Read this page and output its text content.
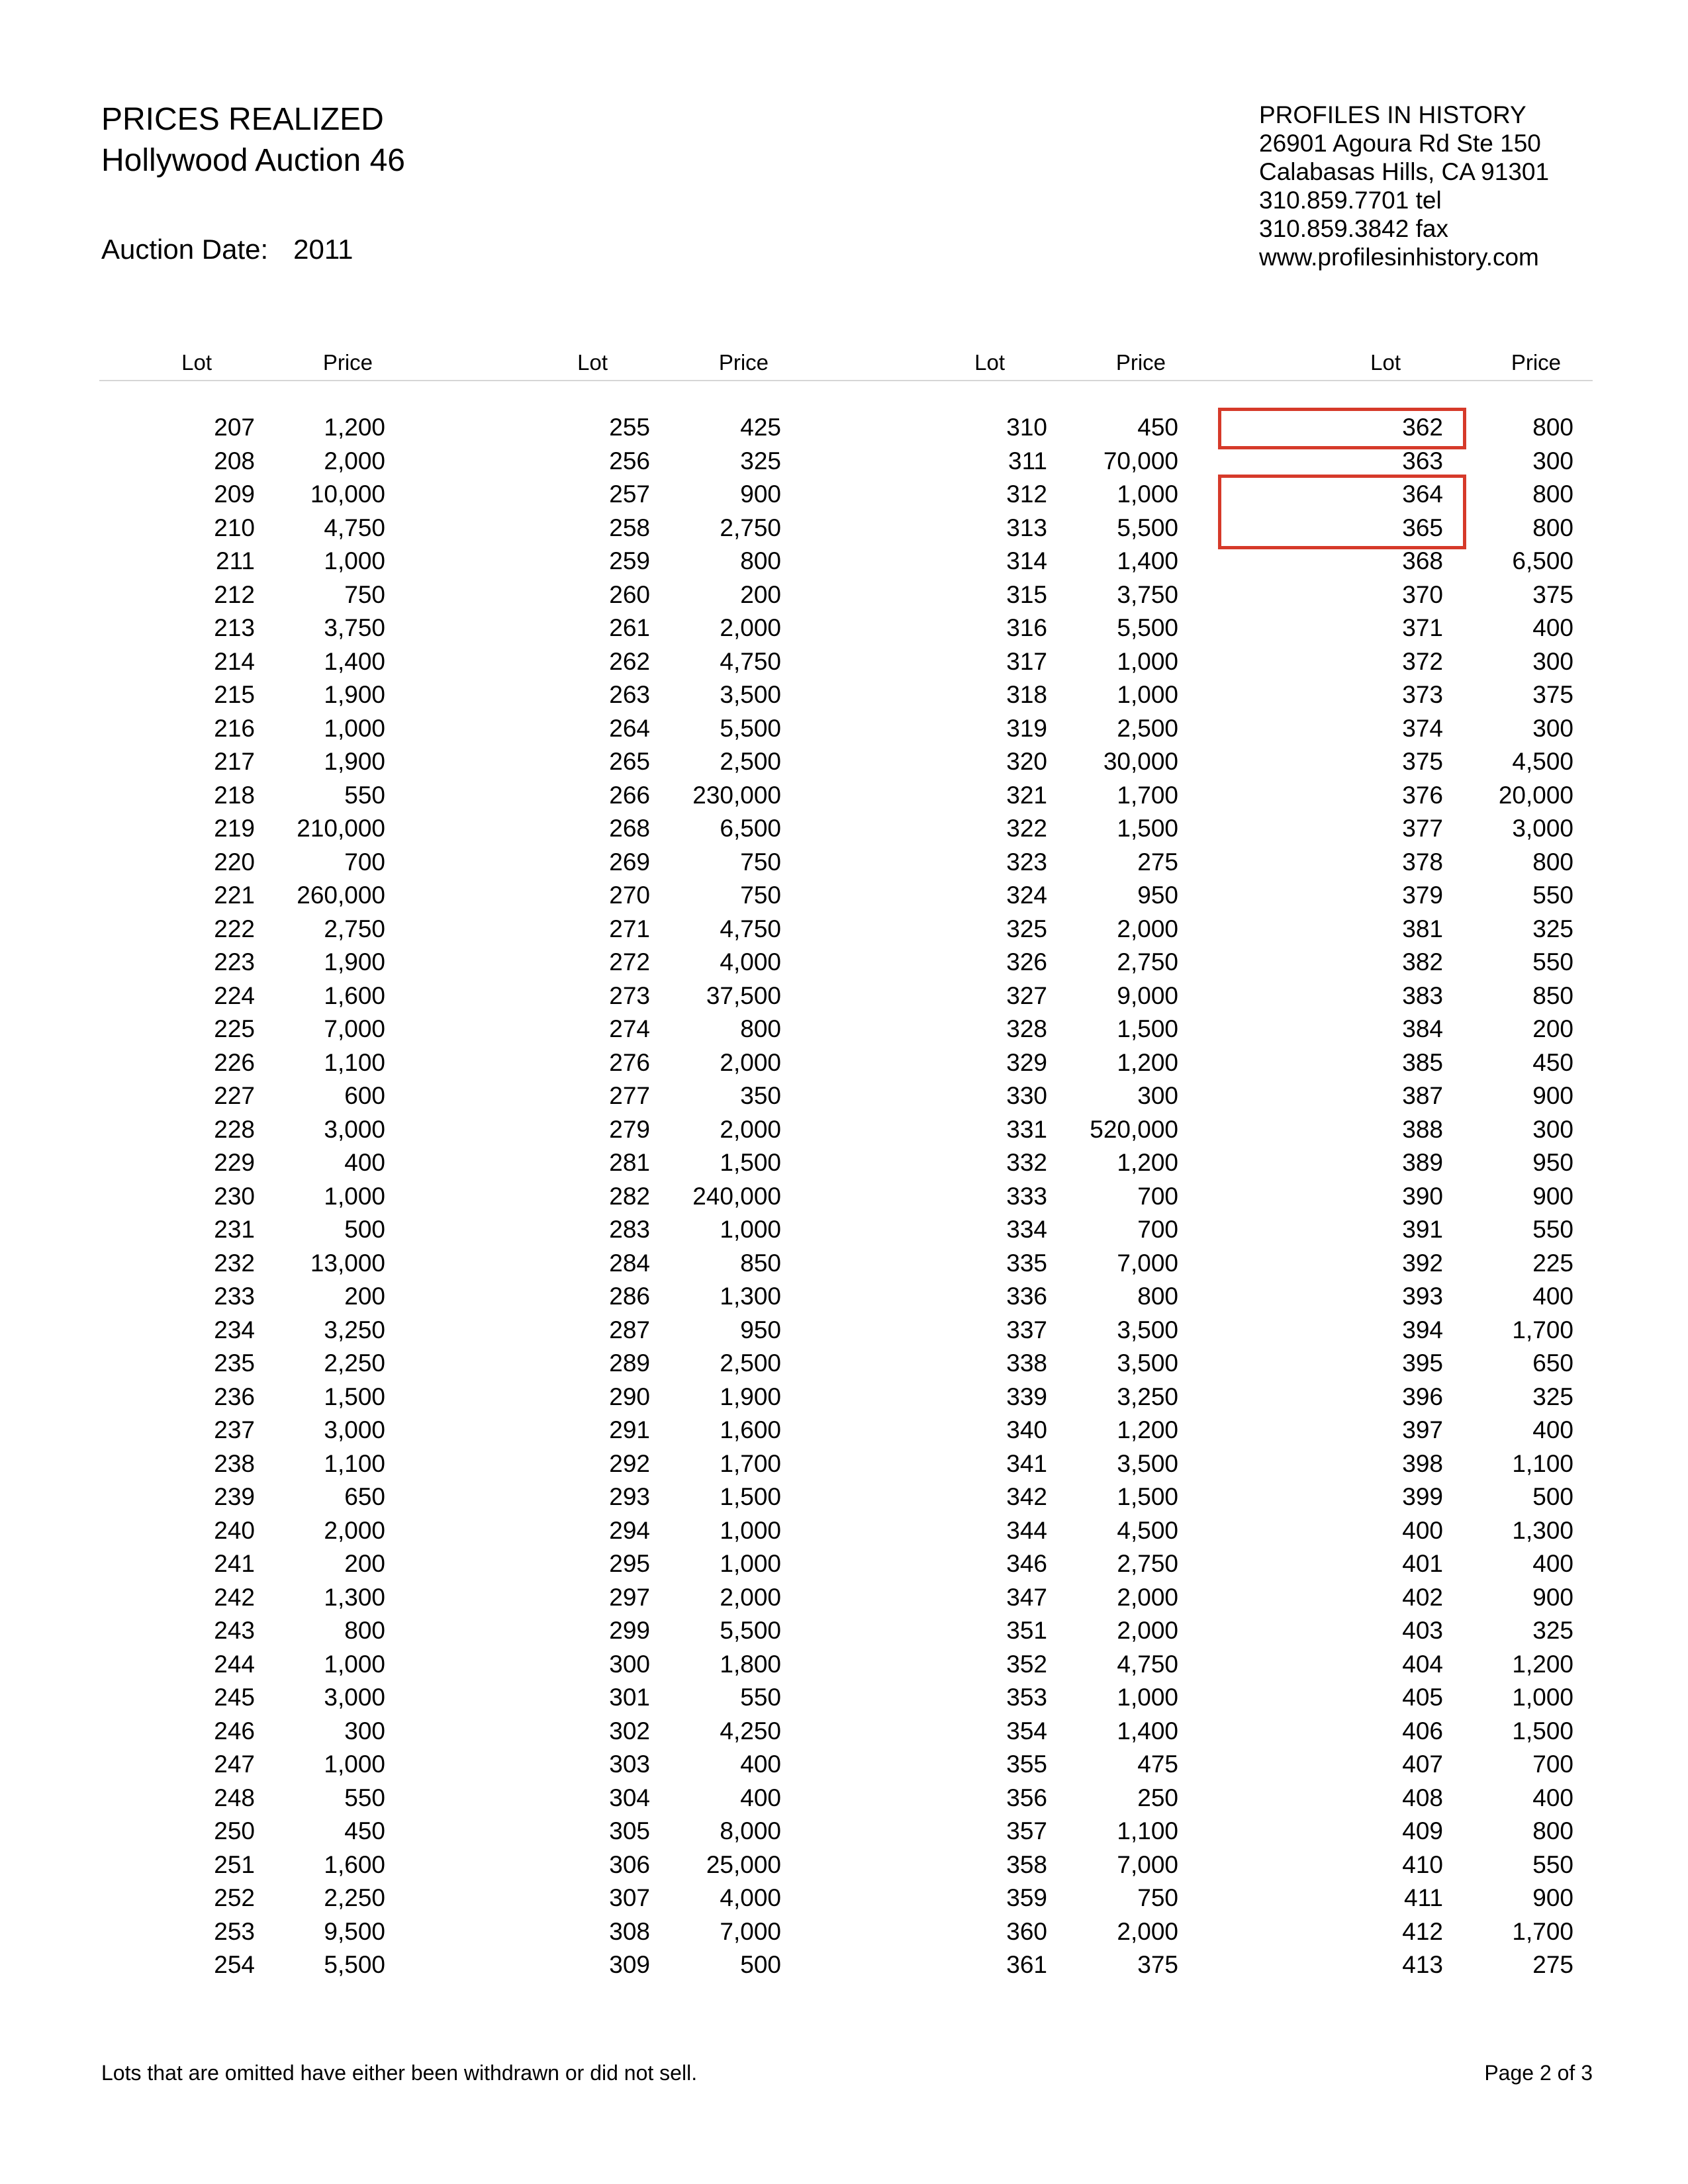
PRICES REALIZED
Hollywood Auction 46
Auction Date: 2011
PROFILES IN HISTORY
26901 Agoura Rd Ste 150
Calabasas Hills, CA 91301
310.859.7701 tel
310.859.3842 fax
www.profilesinhistory.com
Lot	Price
207	1,200
208	2,000
209	10,000
210	4,750
211	1,000
212	750
213	3,750
214	1,400
215	1,900
216	1,000
217	1,900
218	550
219	210,000
220	700
221	260,000
222	2,750
223	1,900
224	1,600
225	7,000
226	1,100
227	600
228	3,000
229	400
230	1,000
231	500
232	13,000
233	200
234	3,250
235	2,250
236	1,500
237	3,000
238	1,100
239	650
240	2,000
241	200
242	1,300
243	800
244	1,000
245	3,000
246	300
247	1,000
248	550
250	450
251	1,600
252	2,250
253	9,500
254	5,500
Lot	Price
255	425
256	325
257	900
258	2,750
259	800
260	200
261	2,000
262	4,750
263	3,500
264	5,500
265	2,500
266	230,000
268	6,500
269	750
270	750
271	4,750
272	4,000
273	37,500
274	800
276	2,000
277	350
279	2,000
281	1,500
282	240,000
283	1,000
284	850
286	1,300
287	950
289	2,500
290	1,900
291	1,600
292	1,700
293	1,500
294	1,000
295	1,000
297	2,000
299	5,500
300	1,800
301	550
302	4,250
303	400
304	400
305	8,000
306	25,000
307	4,000
308	7,000
309	500
Lot	Price
310	450
311	70,000
312	1,000
313	5,500
314	1,400
315	3,750
316	5,500
317	1,000
318	1,000
319	2,500
320	30,000
321	1,700
322	1,500
323	275
324	950
325	2,000
326	2,750
327	9,000
328	1,500
329	1,200
330	300
331	520,000
332	1,200
333	700
334	700
335	7,000
336	800
337	3,500
338	3,500
339	3,250
340	1,200
341	3,500
342	1,500
344	4,500
346	2,750
347	2,000
351	2,000
352	4,750
353	1,000
354	1,400
355	475
356	250
357	1,100
358	7,000
359	750
360	2,000
361	375
Lot	Price
362	800
363	300
364	800
365	800
368	6,500
370	375
371	400
372	300
373	375
374	300
375	4,500
376	20,000
377	3,000
378	800
379	550
381	325
382	550
383	850
384	200
385	450
387	900
388	300
389	950
390	900
391	550
392	225
393	400
394	1,700
395	650
396	325
397	400
398	1,100
399	500
400	1,300
401	400
402	900
403	325
404	1,200
405	1,000
406	1,500
407	700
408	400
409	800
410	550
411	900
412	1,700
413	275
Lots that are omitted have either been withdrawn or did not sell.	Page 2 of 3
